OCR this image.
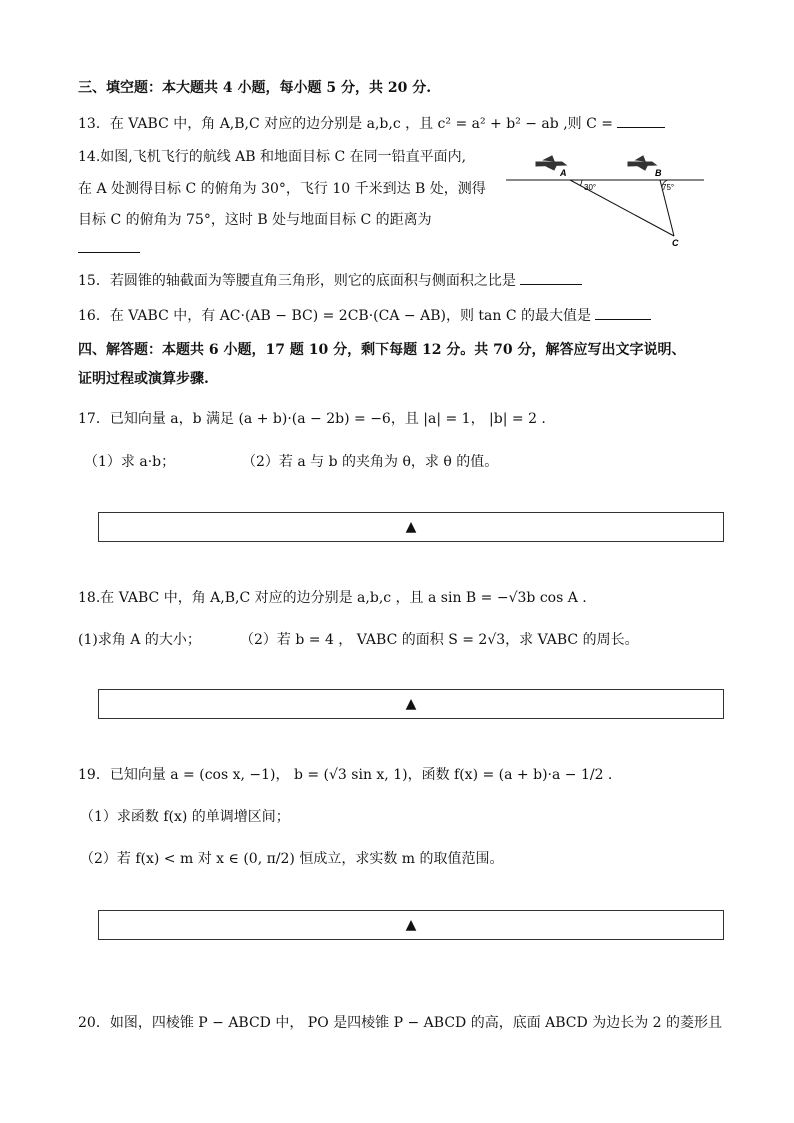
三、填空题：本大题共 4 小题，每小题 5 分，共 20 分.
13．在 VABC 中，角 A,B,C 对应的边分别是 a,b,c ，且 c² = a² + b² − ab ,则 C =
14.如图,飞机飞行的航线 AB 和地面目标 C 在同一铅直平面内,
在 A 处测得目标 C 的俯角为 30°，飞行 10 千米到达 B 处，测得
目标 C 的俯角为 75°，这时 B 处与地面目标 C 的距离为
A	B
C
30°	75°
15．若圆锥的轴截面为等腰直角三角形，则它的底面积与侧面积之比是
16．在 VABC 中，有 AC·(AB − BC) = 2CB·(CA − AB)，则 tan C 的最大值是
四、解答题：本题共 6 小题，17 题 10 分，剩下每题 12 分。共 70 分，解答应写出文字说明、
证明过程或演算步骤.
17．已知向量 a，b 满足 (a + b)·(a − 2b) = −6，且 |a| = 1， |b| = 2 .
（1）求 a·b；	（2）若 a 与 b 的夹角为 θ，求 θ 的值。
▲
18.在 VABC 中，角 A,B,C 对应的边分别是 a,b,c ，且 a sin B = −√3b cos A .
(1)求角 A 的大小；	（2）若 b = 4 ， VABC 的面积 S = 2√3，求 VABC 的周长。
▲
19．已知向量 a = (cos x, −1)， b = (√3 sin x, 1)，函数 f(x) = (a + b)·a − 1/2 .
（1）求函数 f(x) 的单调增区间；
（2）若 f(x) < m 对 x ∈ (0, π/2) 恒成立，求实数 m 的取值范围。
▲
20．如图，四棱锥 P − ABCD 中， PO 是四棱锥 P − ABCD 的高，底面 ABCD 为边长为 2 的菱形且
